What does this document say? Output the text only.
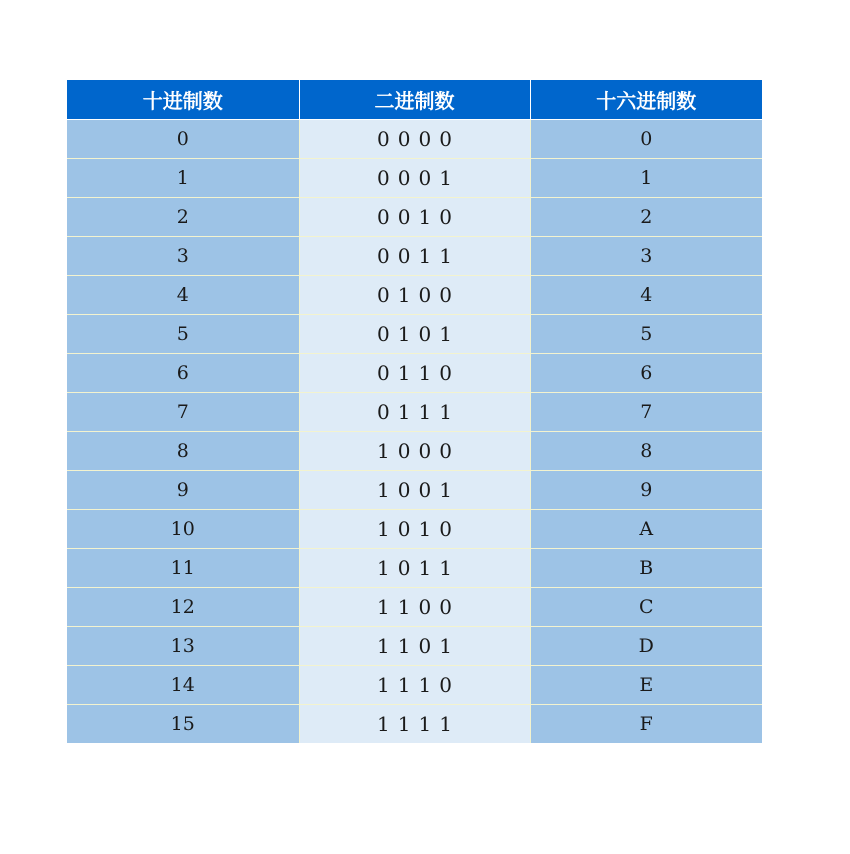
十进制数	二进制数	十六进制数
0	0000	0
1	0001	1
2	0010	2
3	0011	3
4	0100	4
5	0101	5
6	0110	6
7	0111	7
8	1000	8
9	1001	9
10	1010	A
11	1011	B
12	1100	C
13	1101	D
14	1110	E
15	1111	F
